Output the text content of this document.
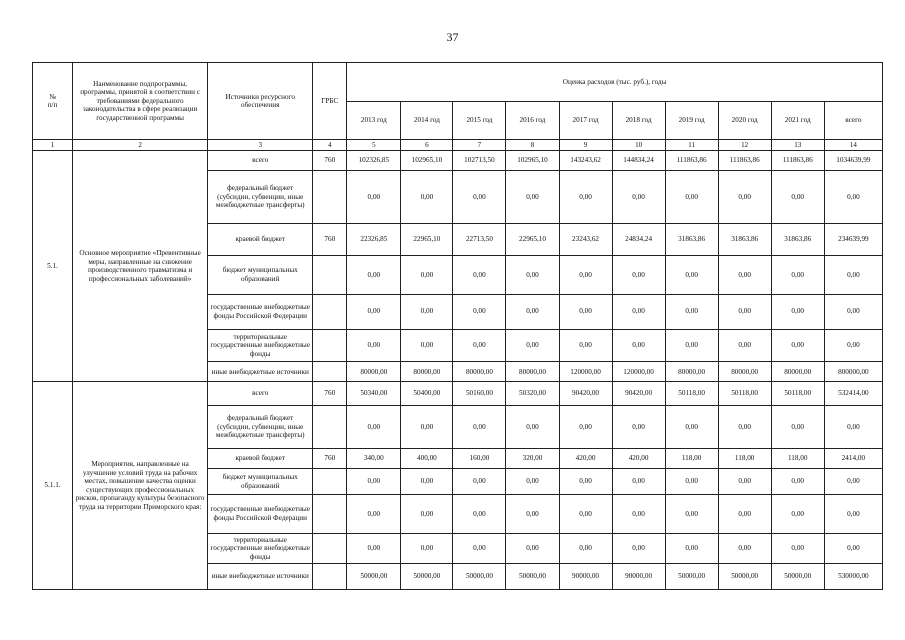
37
№
п/п	Наименование подпрограммы, программы, принятой в соответствии с требованиями федерального законодательства в сфере реализации государственной программы	Источники ресурсного обеспечения	ГРБС	Оценка расходов (тыс. руб.), годы									
				2013 год	2014 год	2015 год	2016 год	2017 год	2018 год	2019 год	2020 год	2021 год	всего
1	2	3	4	5	6	7	8	9	10	11	12	13	14
5.1.	Основное мероприятие «Превентивные меры, направленные на снижение производственного травматизма и профессиональных заболеваний»	всего	760	102326,85	102965,10	102713,50	102965,10	143243,62	144834,24	111863,86	111863,86	111863,86	1034639,99
		федеральный бюджет (субсидии, субвенции, иные межбюджетные трансферты)		0,00	0,00	0,00	0,00	0,00	0,00	0,00	0,00	0,00	0,00
		краевой бюджет	760	22326,85	22965,10	22713,50	22965,10	23243,62	24834,24	31863,86	31863,86	31863,86	234639,99
		бюджет муниципальных образований		0,00	0,00	0,00	0,00	0,00	0,00	0,00	0,00	0,00	0,00
		государственные внебюджетные фонды Российской Федерации		0,00	0,00	0,00	0,00	0,00	0,00	0,00	0,00	0,00	0,00
		территориальные государственные внебюджетные фонды		0,00	0,00	0,00	0,00	0,00	0,00	0,00	0,00	0,00	0,00
		иные внебюджетные источники		80000,00	80000,00	80000,00	80000,00	120000,00	120000,00	80000,00	80000,00	80000,00	800000,00
5.1.1.	Мероприятия, направленные на улучшение условий труда на рабочих местах, повышение качества оценки существующих профессиональных рисков, пропаганду культуры безопасного труда на территории Приморского края:	всего	760	50340,00	50400,00	50160,00	50320,00	90420,00	90420,00	50118,00	50118,00	50118,00	532414,00
		федеральный бюджет (субсидии, субвенции, иные межбюджетные трансферты)		0,00	0,00	0,00	0,00	0,00	0,00	0,00	0,00	0,00	0,00
		краевой бюджет	760	340,00	400,00	160,00	320,00	420,00	420,00	118,00	118,00	118,00	2414,00
		бюджет муниципальных образований		0,00	0,00	0,00	0,00	0,00	0,00	0,00	0,00	0,00	0,00
		государственные внебюджетные фонды Российской Федерации		0,00	0,00	0,00	0,00	0,00	0,00	0,00	0,00	0,00	0,00
		территориальные государственные внебюджетные фонды		0,00	0,00	0,00	0,00	0,00	0,00	0,00	0,00	0,00	0,00
		иные внебюджетные источники		50000,00	50000,00	50000,00	50000,00	90000,00	90000,00	50000,00	50000,00	50000,00	530000,00
